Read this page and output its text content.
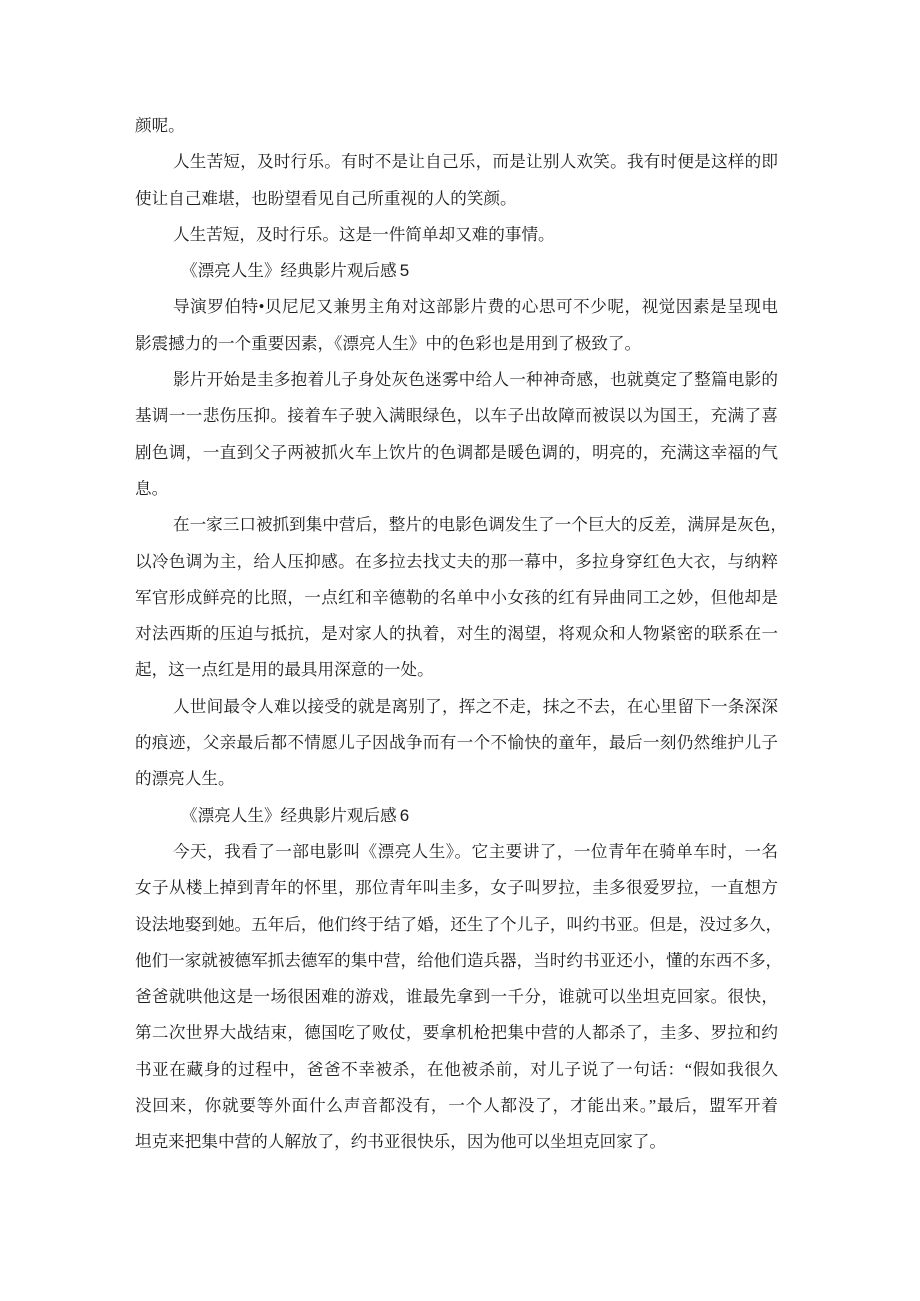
颜呢。
人生苦短，及时行乐。有时不是让自己乐，而是让别人欢笑。我有时便是这样的即
使让自己难堪，也盼望看见自己所重视的人的笑颜。
人生苦短，及时行乐。这是一件简单却又难的事情。
《漂亮人生》经典影片观后感 5
导演罗伯特•贝尼尼又兼男主角对这部影片费的心思可不少呢，视觉因素是呈现电
影震撼力的一个重要因素，《漂亮人生》中的色彩也是用到了极致了。
影片开始是圭多抱着儿子身处灰色迷雾中给人一种神奇感，也就奠定了整篇电影的
基调一一悲伤压抑。接着车子驶入满眼绿色，以车子出故障而被误以为国王，充满了喜
剧色调，一直到父子两被抓火车上饮片的色调都是暖色调的，明亮的，充满这幸福的气
息。
在一家三口被抓到集中营后，整片的电影色调发生了一个巨大的反差，满屏是灰色，
以冷色调为主，给人压抑感。在多拉去找丈夫的那一幕中，多拉身穿红色大衣，与纳粹
军官形成鲜亮的比照，一点红和辛德勒的名单中小女孩的红有异曲同工之妙，但他却是
对法西斯的压迫与抵抗，是对家人的执着，对生的渴望，将观众和人物紧密的联系在一
起，这一点红是用的最具用深意的一处。
人世间最令人难以接受的就是离别了，挥之不走，抹之不去，在心里留下一条深深
的痕迹，父亲最后都不情愿儿子因战争而有一个不愉快的童年，最后一刻仍然维护儿子
的漂亮人生。
《漂亮人生》经典影片观后感 6
今天，我看了一部电影叫《漂亮人生》。它主要讲了，一位青年在骑单车时，一名
女子从楼上掉到青年的怀里，那位青年叫圭多，女子叫罗拉，圭多很爱罗拉，一直想方
设法地娶到她。五年后，他们终于结了婚，还生了个儿子，叫约书亚。但是，没过多久，
他们一家就被德军抓去德军的集中营，给他们造兵器，当时约书亚还小，懂的东西不多，
爸爸就哄他这是一场很困难的游戏，谁最先拿到一千分，谁就可以坐坦克回家。很快，
第二次世界大战结束，德国吃了败仗，要拿机枪把集中营的人都杀了，圭多、罗拉和约
书亚在藏身的过程中，爸爸不幸被杀，在他被杀前，对儿子说了一句话：“假如我很久
没回来，你就要等外面什么声音都没有，一个人都没了，才能出来。”最后，盟军开着
坦克来把集中营的人解放了，约书亚很快乐，因为他可以坐坦克回家了。
